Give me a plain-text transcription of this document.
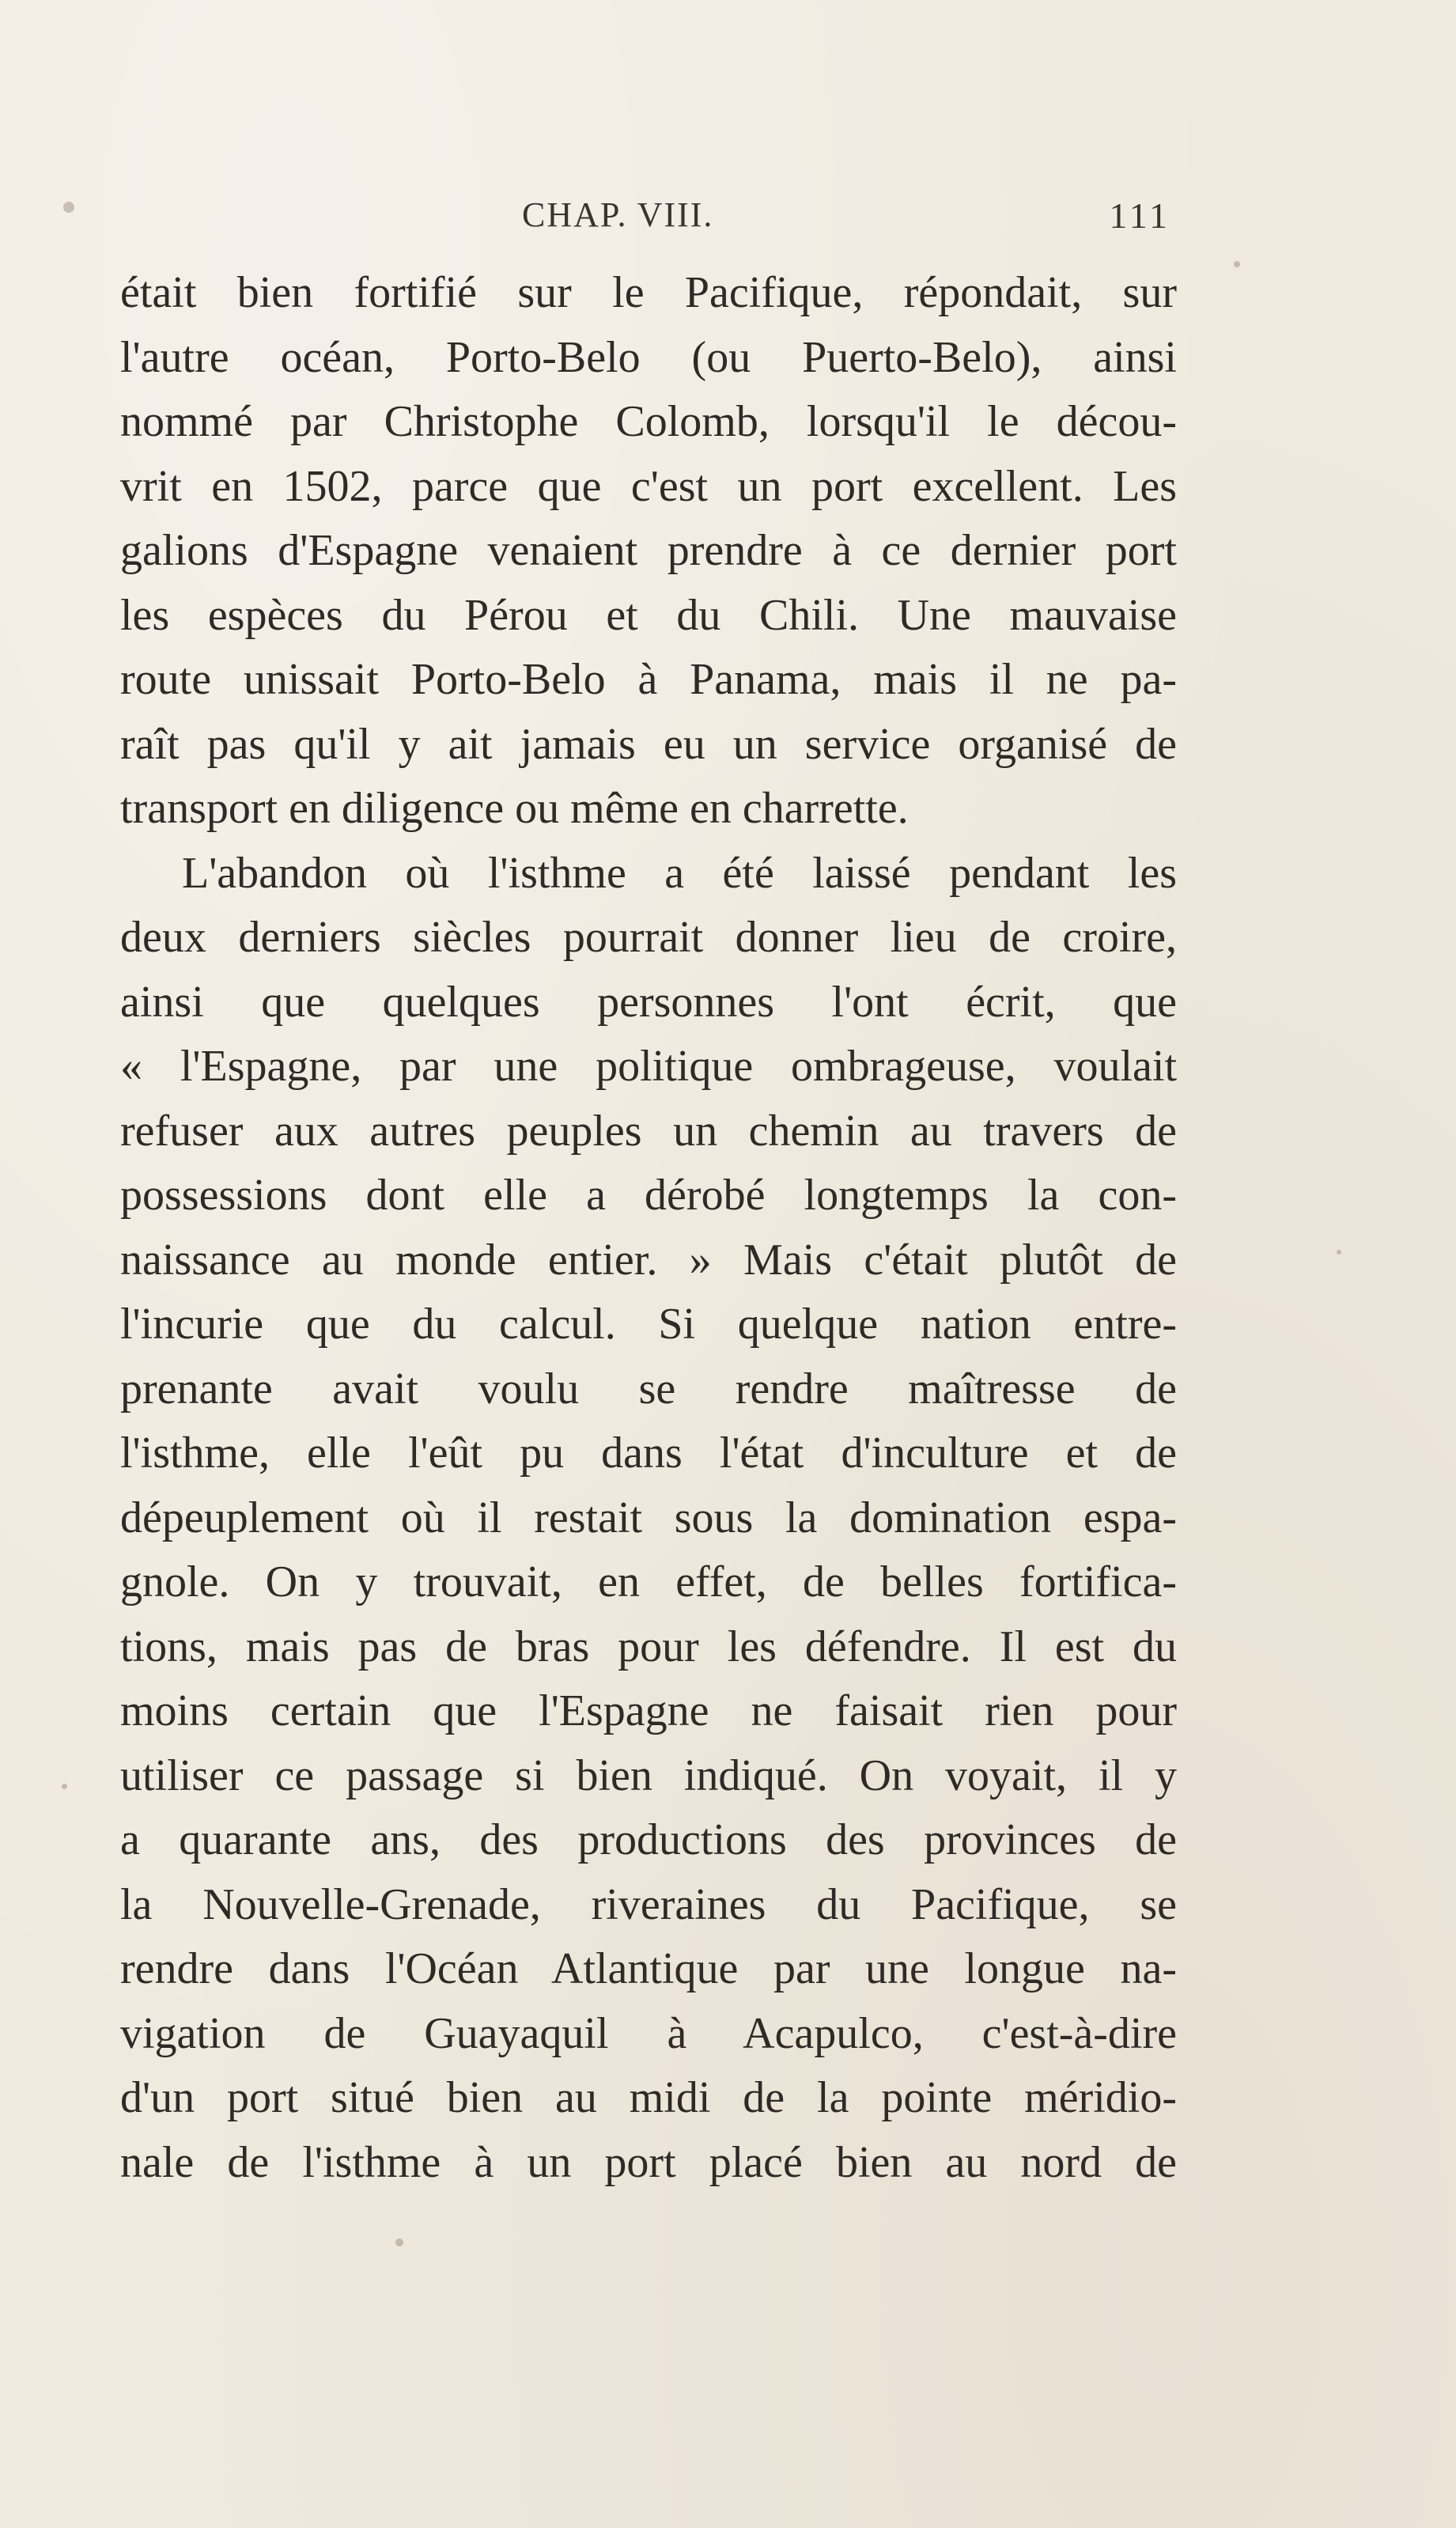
CHAP. VIII.	111
était bien fortifié sur le Pacifique, répondait, sur
l'autre océan, Porto-Belo (ou Puerto-Belo), ainsi
nommé par Christophe Colomb, lorsqu'il le décou-
vrit en 1502, parce que c'est un port excellent. Les
galions d'Espagne venaient prendre à ce dernier port
les espèces du Pérou et du Chili. Une mauvaise
route unissait Porto-Belo à Panama, mais il ne pa-
raît pas qu'il y ait jamais eu un service organisé de
transport en diligence ou même en charrette.
L'abandon où l'isthme a été laissé pendant les
deux derniers siècles pourrait donner lieu de croire,
ainsi que quelques personnes l'ont écrit, que
« l'Espagne, par une politique ombrageuse, voulait
refuser aux autres peuples un chemin au travers de
possessions dont elle a dérobé longtemps la con-
naissance au monde entier. » Mais c'était plutôt de
l'incurie que du calcul. Si quelque nation entre-
prenante avait voulu se rendre maîtresse de
l'isthme, elle l'eût pu dans l'état d'inculture et de
dépeuplement où il restait sous la domination espa-
gnole. On y trouvait, en effet, de belles fortifica-
tions, mais pas de bras pour les défendre. Il est du
moins certain que l'Espagne ne faisait rien pour
utiliser ce passage si bien indiqué. On voyait, il y
a quarante ans, des productions des provinces de
la Nouvelle-Grenade, riveraines du Pacifique, se
rendre dans l'Océan Atlantique par une longue na-
vigation de Guayaquil à Acapulco, c'est-à-dire
d'un port situé bien au midi de la pointe méridio-
nale de l'isthme à un port placé bien au nord de
